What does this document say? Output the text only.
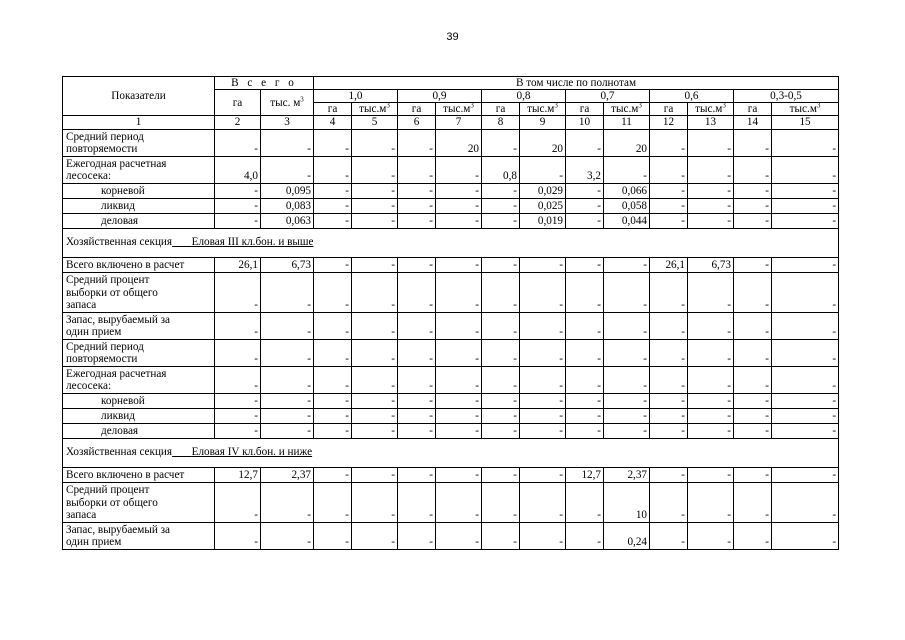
39
Показатели	В с е г о		В том числе по полнотам											
	га	тыс. $м^3$	1,0		0,9		0,8		0,7		0,6		0,3-0,5	
			га	$тыс.м^3$	га	$тыс.м^3$	га	$тыс.м^3$	га	$тыс.м^3$	га	$тыс.м^3$	га	$тыс.м^3$
1	2	3	4	5	6	7	8	9	10	11	12	13	14	15
Средний период
повторяемости	-	-	-	-	-	20	-	20	-	20	-	-	-	-
Ежегодная расчетная
лесосека:	4,0	-	-	-	-	-	0,8	-	3,2	-	-	-	-	-
корневой	-	0,095	-	-	-	-	-	0,029	-	0,066	-	-	-	-
ликвид	-	0,083	-	-	-	-	-	0,025	-	0,058	-	-	-	-
деловая	-	0,063	-	-	-	-	-	0,019	-	0,044	-	-	-	-
Хозяйственная секция Еловая III кл.бон. и выше														
Всего включено в расчет	26,1	6,73	-	-	-	-	-	-	-	-	26,1	6,73	-	-
Средний процент
выборки от общего
запаса	-	-	-	-	-	-	-	-	-	-	-	-	-	-
Запас, вырубаемый за
один прием	-	-	-	-	-	-	-	-	-	-	-	-	-	-
Средний период
повторяемости	-	-	-	-	-	-	-	-	-	-	-	-	-	-
Ежегодная расчетная
лесосека:	-	-	-	-	-	-	-	-	-	-	-	-	-	-
корневой	-	-	-	-	-	-	-	-	-	-	-	-	-	-
ликвид	-	-	-	-	-	-	-	-	-	-	-	-	-	-
деловая	-	-	-	-	-	-	-	-	-	-	-	-	-	-
Хозяйственная секция Еловая IV кл.бон. и ниже														
Всего включено в расчет	12,7	2,37	-	-	-	-	-	-	12,7	2,37	-	-	-	-
Средний процент
выборки от общего
запаса	-	-	-	-	-	-	-	-	-	10	-	-	-	-
Запас, вырубаемый за
один прием	-	-	-	-	-	-	-	-	-	0,24	-	-	-	-
